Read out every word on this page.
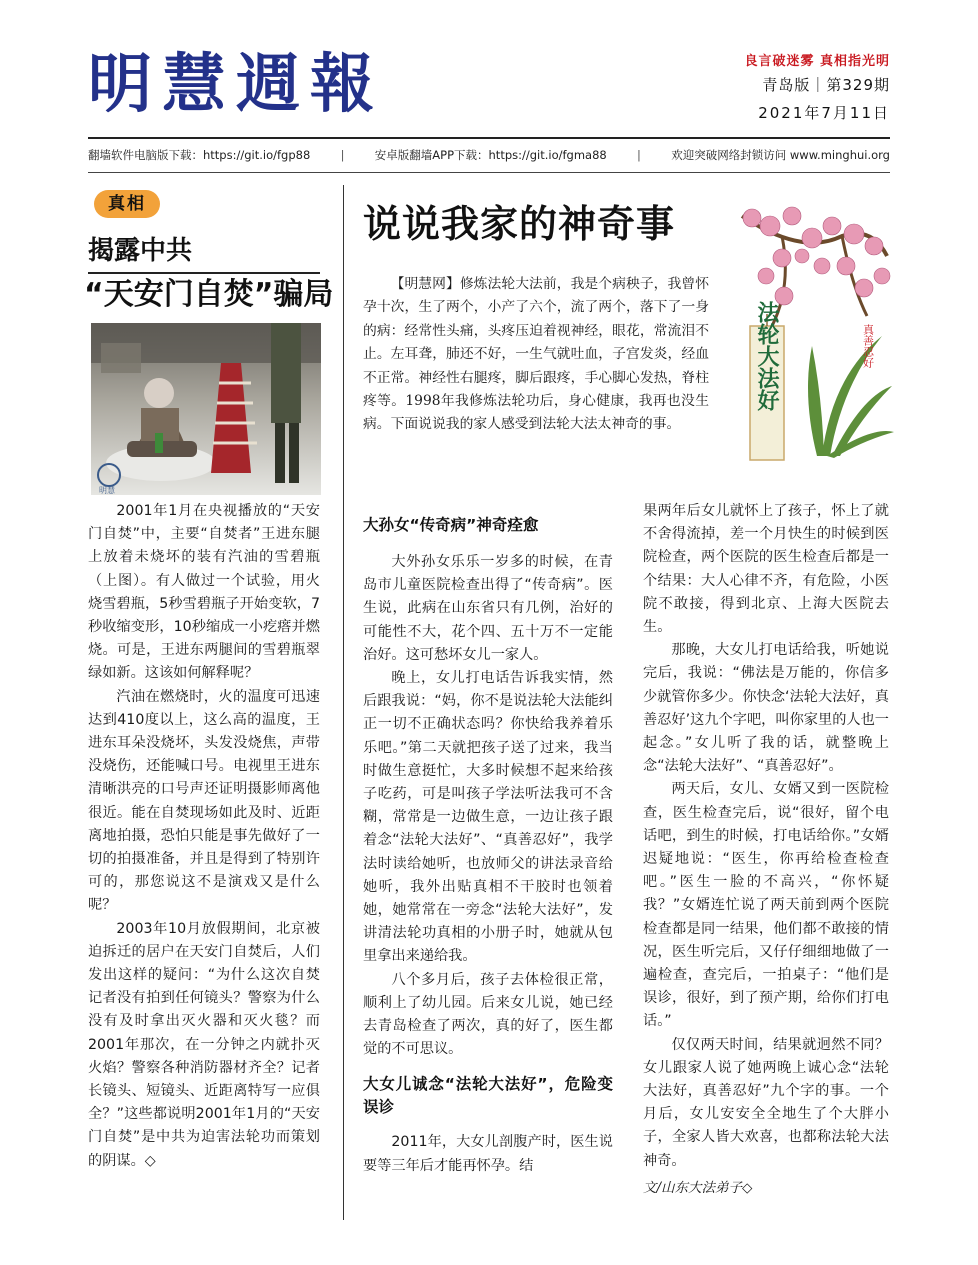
明慧週報	良言破迷雾 真相指光明
青岛版｜第329期
2021年7月11日
翻墙软件电脑版下载：https://git.io/fgp88	|	安卓版翻墙APP下载：https://git.io/fgma88	|	欢迎突破网络封锁访问 www.minghui.org
真相
揭露中共
“天安门自焚”骗局
明慧

2001年1月在央视播放的“天安门自焚”中，主要“自焚者”王进东腿上放着未烧坏的装有汽油的雪碧瓶（上图）。有人做过一个试验，用火烧雪碧瓶，5秒雪碧瓶子开始变软，7秒收缩变形，10秒缩成一小疙瘩并燃烧。可是，王进东两腿间的雪碧瓶翠绿如新。这该如何解释呢？

汽油在燃烧时，火的温度可迅速达到410度以上，这么高的温度，王进东耳朵没烧坏，头发没烧焦，声带没烧伤，还能喊口号。电视里王进东清晰洪亮的口号声还证明摄影师离他很近。能在自焚现场如此及时、近距离地拍摄，恐怕只能是事先做好了一切的拍摄准备，并且是得到了特别许可的，那您说这不是演戏又是什么呢？

2003年10月放假期间，北京被迫拆迁的居户在天安门自焚后，人们发出这样的疑问：“为什么这次自焚记者没有拍到任何镜头？警察为什么没有及时拿出灭火器和灭火毯？而2001年那次，在一分钟之内就扑灭火焰？警察各种消防器材齐全？记者长镜头、短镜头、近距离特写一应俱全？”这些都说明2001年1月的“天安门自焚”是中共为迫害法轮功而策划的阴谋。◇

说说我家的神奇事

【明慧网】修炼法轮大法前，我是个病秧子，我曾怀孕十次，生了两个，小产了六个，流了两个，落下了一身的病：经常性头痛，头疼压迫着视神经，眼花，常流泪不止。左耳聋，肺还不好，一生气就吐血，子宫发炎，经血不正常。神经性右腿疼，脚后跟疼，手心脚心发热，脊柱疼等。1998年我修炼法轮功后，身心健康，我再也没生病。下面说说我的家人感受到法轮大法太神奇的事。

法轮大法好	真善忍好
大孙女“传奇病”神奇痊愈

大外孙女乐乐一岁多的时候，在青岛市儿童医院检查出得了“传奇病”。医生说，此病在山东省只有几例，治好的可能性不大，花个四、五十万不一定能治好。这可愁坏女儿一家人。

晚上，女儿打电话告诉我实情，然后跟我说：“妈，你不是说法轮大法能纠正一切不正确状态吗？你快给我养着乐乐吧。”第二天就把孩子送了过来，我当时做生意挺忙，大多时候想不起来给孩子吃药，可是叫孩子学法听法我可不含糊，常常是一边做生意，一边让孩子跟着念“法轮大法好”、“真善忍好”，我学法时读给她听，也放师父的讲法录音给她听，我外出贴真相不干胶时也领着她，她常常在一旁念“法轮大法好”，发讲清法轮功真相的小册子时，她就从包里拿出来递给我。

八个多月后，孩子去体检很正常，顺利上了幼儿园。后来女儿说，她已经去青岛检查了两次，真的好了，医生都觉的不可思议。

大女儿诚念“法轮大法好”，危险变误诊

2011年，大女儿剖腹产时，医生说要等三年后才能再怀孕。结

果两年后女儿就怀上了孩子，怀上了就不舍得流掉，差一个月快生的时候到医院检查，两个医院的医生检查后都是一个结果：大人心律不齐，有危险，小医院不敢接，得到北京、上海大医院去生。

那晚，大女儿打电话给我，听她说完后，我说：“佛法是万能的，你信多少就管你多少。你快念‘法轮大法好，真善忍好’这九个字吧，叫你家里的人也一起念。”女儿听了我的话，就整晚上念“法轮大法好”、“真善忍好”。

两天后，女儿、女婿又到一医院检查，医生检查完后，说“很好，留个电话吧，到生的时候，打电话给你。”女婿迟疑地说：“医生，你再给检查检查吧。”医生一脸的不高兴，“你怀疑我？”女婿连忙说了两天前到两个医院检查都是同一结果，他们都不敢接的情况，医生听完后，又仔仔细细地做了一遍检查，查完后，一拍桌子：“他们是误诊，很好，到了预产期，给你们打电话。”

仅仅两天时间，结果就迥然不同？女儿跟家人说了她两晚上诚心念“法轮大法好，真善忍好”九个字的事。一个月后，女儿安安全全地生了个大胖小子，全家人皆大欢喜，也都称法轮大法神奇。

文/山东大法弟子◇
